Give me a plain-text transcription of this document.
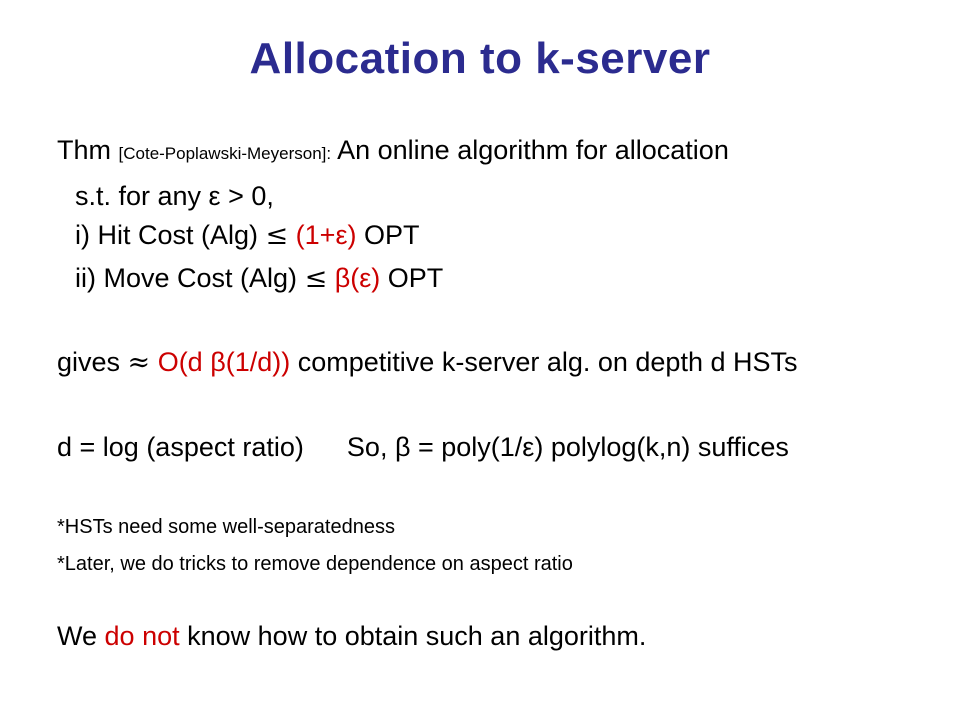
Allocation to k-server
Thm [Cote-Poplawski-Meyerson]: An online algorithm for allocation
s.t. for any ε > 0,
i) Hit Cost (Alg) ≤ (1+ε) OPT
ii) Move Cost (Alg) ≤ β(ε) OPT
gives ≈ O(d β(1/d)) competitive k-server alg. on depth d HSTs
d = log (aspect ratio) So, β = poly(1/ε) polylog(k,n) suffices
*HSTs need some well-separatedness
*Later, we do tricks to remove dependence on aspect ratio
We do not know how to obtain such an algorithm.
